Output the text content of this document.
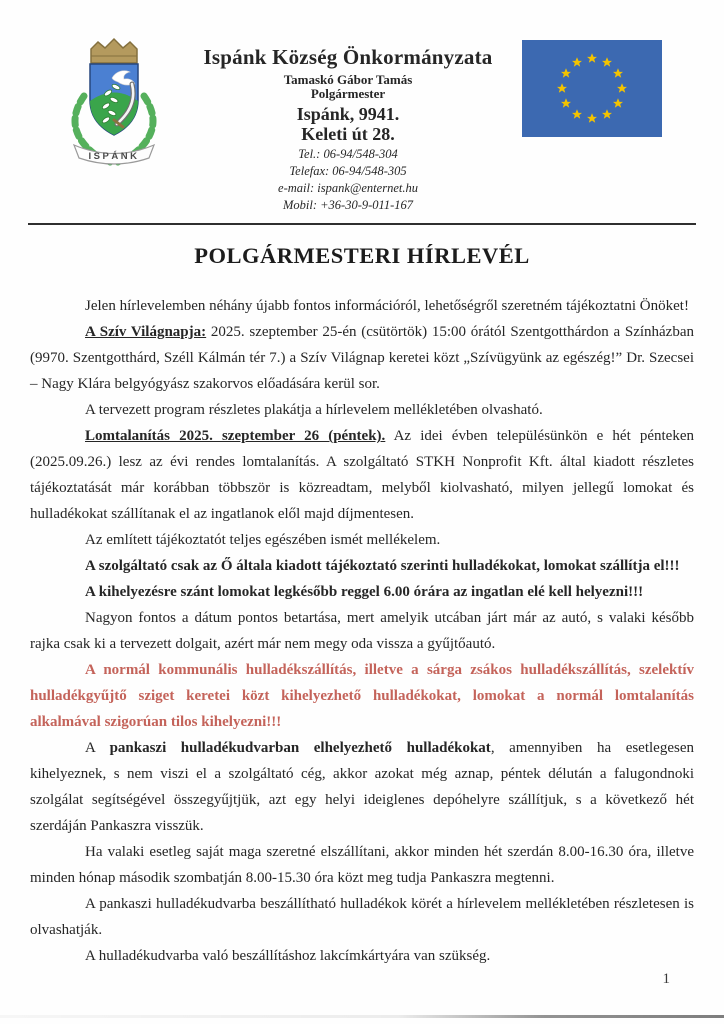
ISPÁNK
Ispánk Község Önkormányzata
Tamaskó Gábor Tamás
Polgármester
Ispánk, 9941.
Keleti út 28.
Tel.: 06-94/548-304
Telefax: 06-94/548-305
e-mail: ispank@enternet.hu
Mobil: +36-30-9-011-167
POLGÁRMESTERI HÍRLEVÉL

Jelen hírlevelemben néhány újabb fontos információról, lehetőségről szeretném tájékoztatni Önöket!

A Szív Világnapja: 2025. szeptember 25-én (csütörtök) 15:00 órától Szentgotthárdon a Színházban (9970. Szentgotthárd, Széll Kálmán tér 7.) a Szív Világnap keretei közt „Szívügyünk az egészég!” Dr. Szecsei – Nagy Klára belgyógyász szakorvos előadására kerül sor.

A tervezett program részletes plakátja a hírlevelem mellékletében olvasható.

Lomtalanítás 2025. szeptember 26 (péntek). Az idei évben településünkön e hét pénteken (2025.09.26.) lesz az évi rendes lomtalanítás. A szolgáltató STKH Nonprofit Kft. által kiadott részletes tájékoztatását már korábban többször is közreadtam, melyből kiolvasható, milyen jellegű lomokat és hulladékokat szállítanak el az ingatlanok elől majd díjmentesen.

Az említett tájékoztatót teljes egészében ismét mellékelem.

A szolgáltató csak az Ő általa kiadott tájékoztató szerinti hulladékokat, lomokat szállítja el!!!

A kihelyezésre szánt lomokat legkésőbb reggel 6.00 órára az ingatlan elé kell helyezni!!!

Nagyon fontos a dátum pontos betartása, mert amelyik utcában járt már az autó, s valaki később rajka csak ki a tervezett dolgait, azért már nem megy oda vissza a gyűjtőautó.

A normál kommunális hulladékszállítás, illetve a sárga zsákos hulladékszállítás, szelektív hulladékgyűjtő sziget keretei közt kihelyezhető hulladékokat, lomokat a normál lomtalanítás alkalmával szigorúan tilos kihelyezni!!!

A pankaszi hulladékudvarban elhelyezhető hulladékokat, amennyiben ha esetlegesen kihelyeznek, s nem viszi el a szolgáltató cég, akkor azokat még aznap, péntek délután a falugondnoki szolgálat segítségével összegyűjtjük, azt egy helyi ideiglenes depóhelyre szállítjuk, s a következő hét szerdáján Pankaszra visszük.

Ha valaki esetleg saját maga szeretné elszállítani, akkor minden hét szerdán 8.00-16.30 óra, illetve minden hónap második szombatján 8.00-15.30 óra közt meg tudja Pankaszra megtenni.

A pankaszi hulladékudvarba beszállítható hulladékok körét a hírlevelem mellékletében részletesen is olvashatják.

A hulladékudvarba való beszállításhoz lakcímkártyára van szükség.

1
